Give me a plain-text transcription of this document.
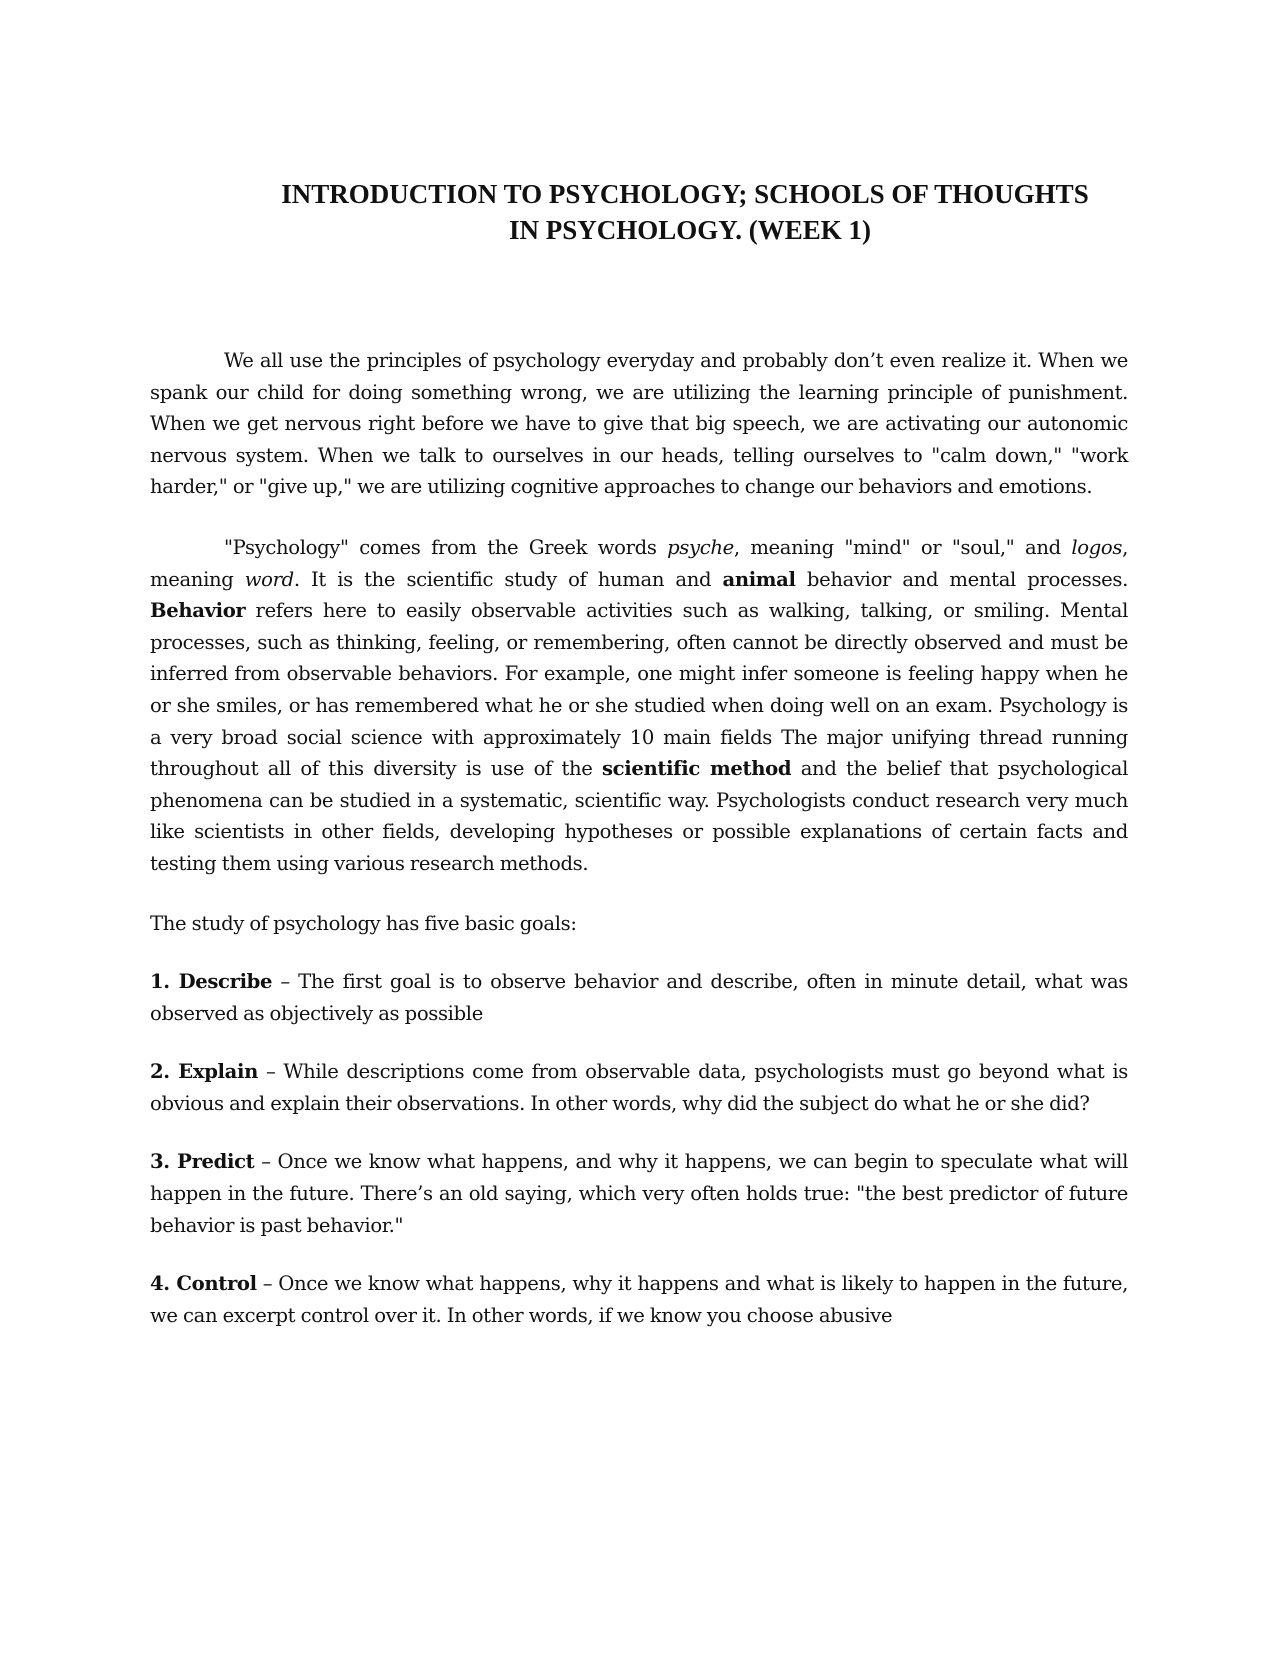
INTRODUCTION TO PSYCHOLOGY; SCHOOLS OF THOUGHTS
IN PSYCHOLOGY. (WEEK 1)

We all use the principles of psychology everyday and probably don’t even realize it. When we spank our child for doing something wrong, we are utilizing the learning principle of punishment. When we get nervous right before we have to give that big speech, we are activating our autonomic nervous system. When we talk to ourselves in our heads, telling ourselves to "calm down," "work harder," or "give up," we are utilizing cognitive approaches to change our behaviors and emotions.

"Psychology" comes from the Greek words psyche, meaning "mind" or "soul," and logos, meaning word. It is the scientific study of human and animal behavior and mental processes. Behavior refers here to easily observable activities such as walking, talking, or smiling. Mental processes, such as thinking, feeling, or remembering, often cannot be directly observed and must be inferred from observable behaviors. For example, one might infer someone is feeling happy when he or she smiles, or has remembered what he or she studied when doing well on an exam. Psychology is a very broad social science with approximately 10 main fields The major unifying thread running throughout all of this diversity is use of the scientific method and the belief that psychological phenomena can be studied in a systematic, scientific way. Psychologists conduct research very much like scientists in other fields, developing hypotheses or possible explanations of certain facts and testing them using various research methods.

The study of psychology has five basic goals:

1. Describe – The first goal is to observe behavior and describe, often in minute detail, what was observed as objectively as possible

2. Explain – While descriptions come from observable data, psychologists must go beyond what is obvious and explain their observations. In other words, why did the subject do what he or she did?

3. Predict – Once we know what happens, and why it happens, we can begin to speculate what will happen in the future. There’s an old saying, which very often holds true: "the best predictor of future behavior is past behavior."

4. Control – Once we know what happens, why it happens and what is likely to happen in the future, we can excerpt control over it. In other words, if we know you choose abusive
